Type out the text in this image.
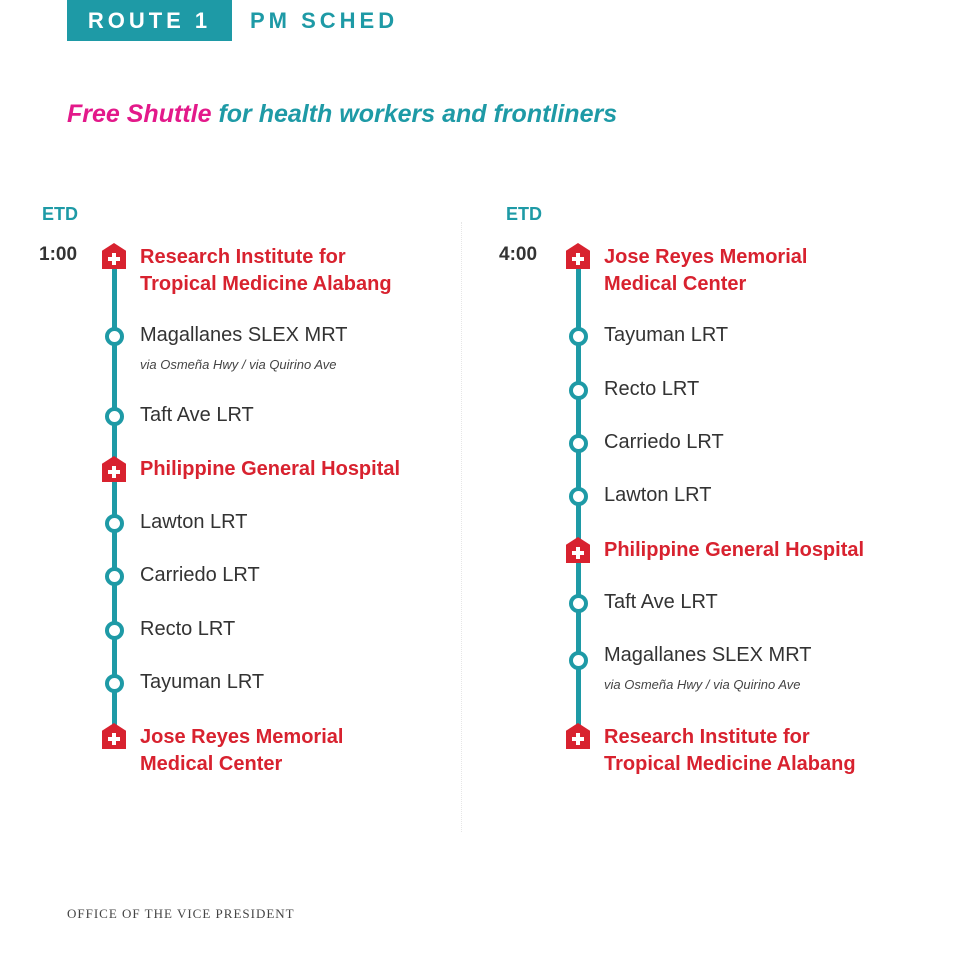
ROUTE 1	PM SCHED
Free Shuttle for health workers and frontliners
ETD
1:00	Research Institute for
Tropical Medicine Alabang
Magallanes SLEX MRT
via Osmeña Hwy / via Quirino Ave
Taft Ave LRT
Philippine General Hospital
Lawton LRT
Carriedo LRT
Recto LRT
Tayuman LRT
Jose Reyes Memorial
Medical Center
ETD
4:00	Jose Reyes Memorial
Medical Center
Tayuman LRT
Recto LRT
Carriedo LRT
Lawton LRT
Philippine General Hospital
Taft Ave LRT
Magallanes SLEX MRT
via Osmeña Hwy / via Quirino Ave
Research Institute for
Tropical Medicine Alabang
OFFICE OF THE VICE PRESIDENT
